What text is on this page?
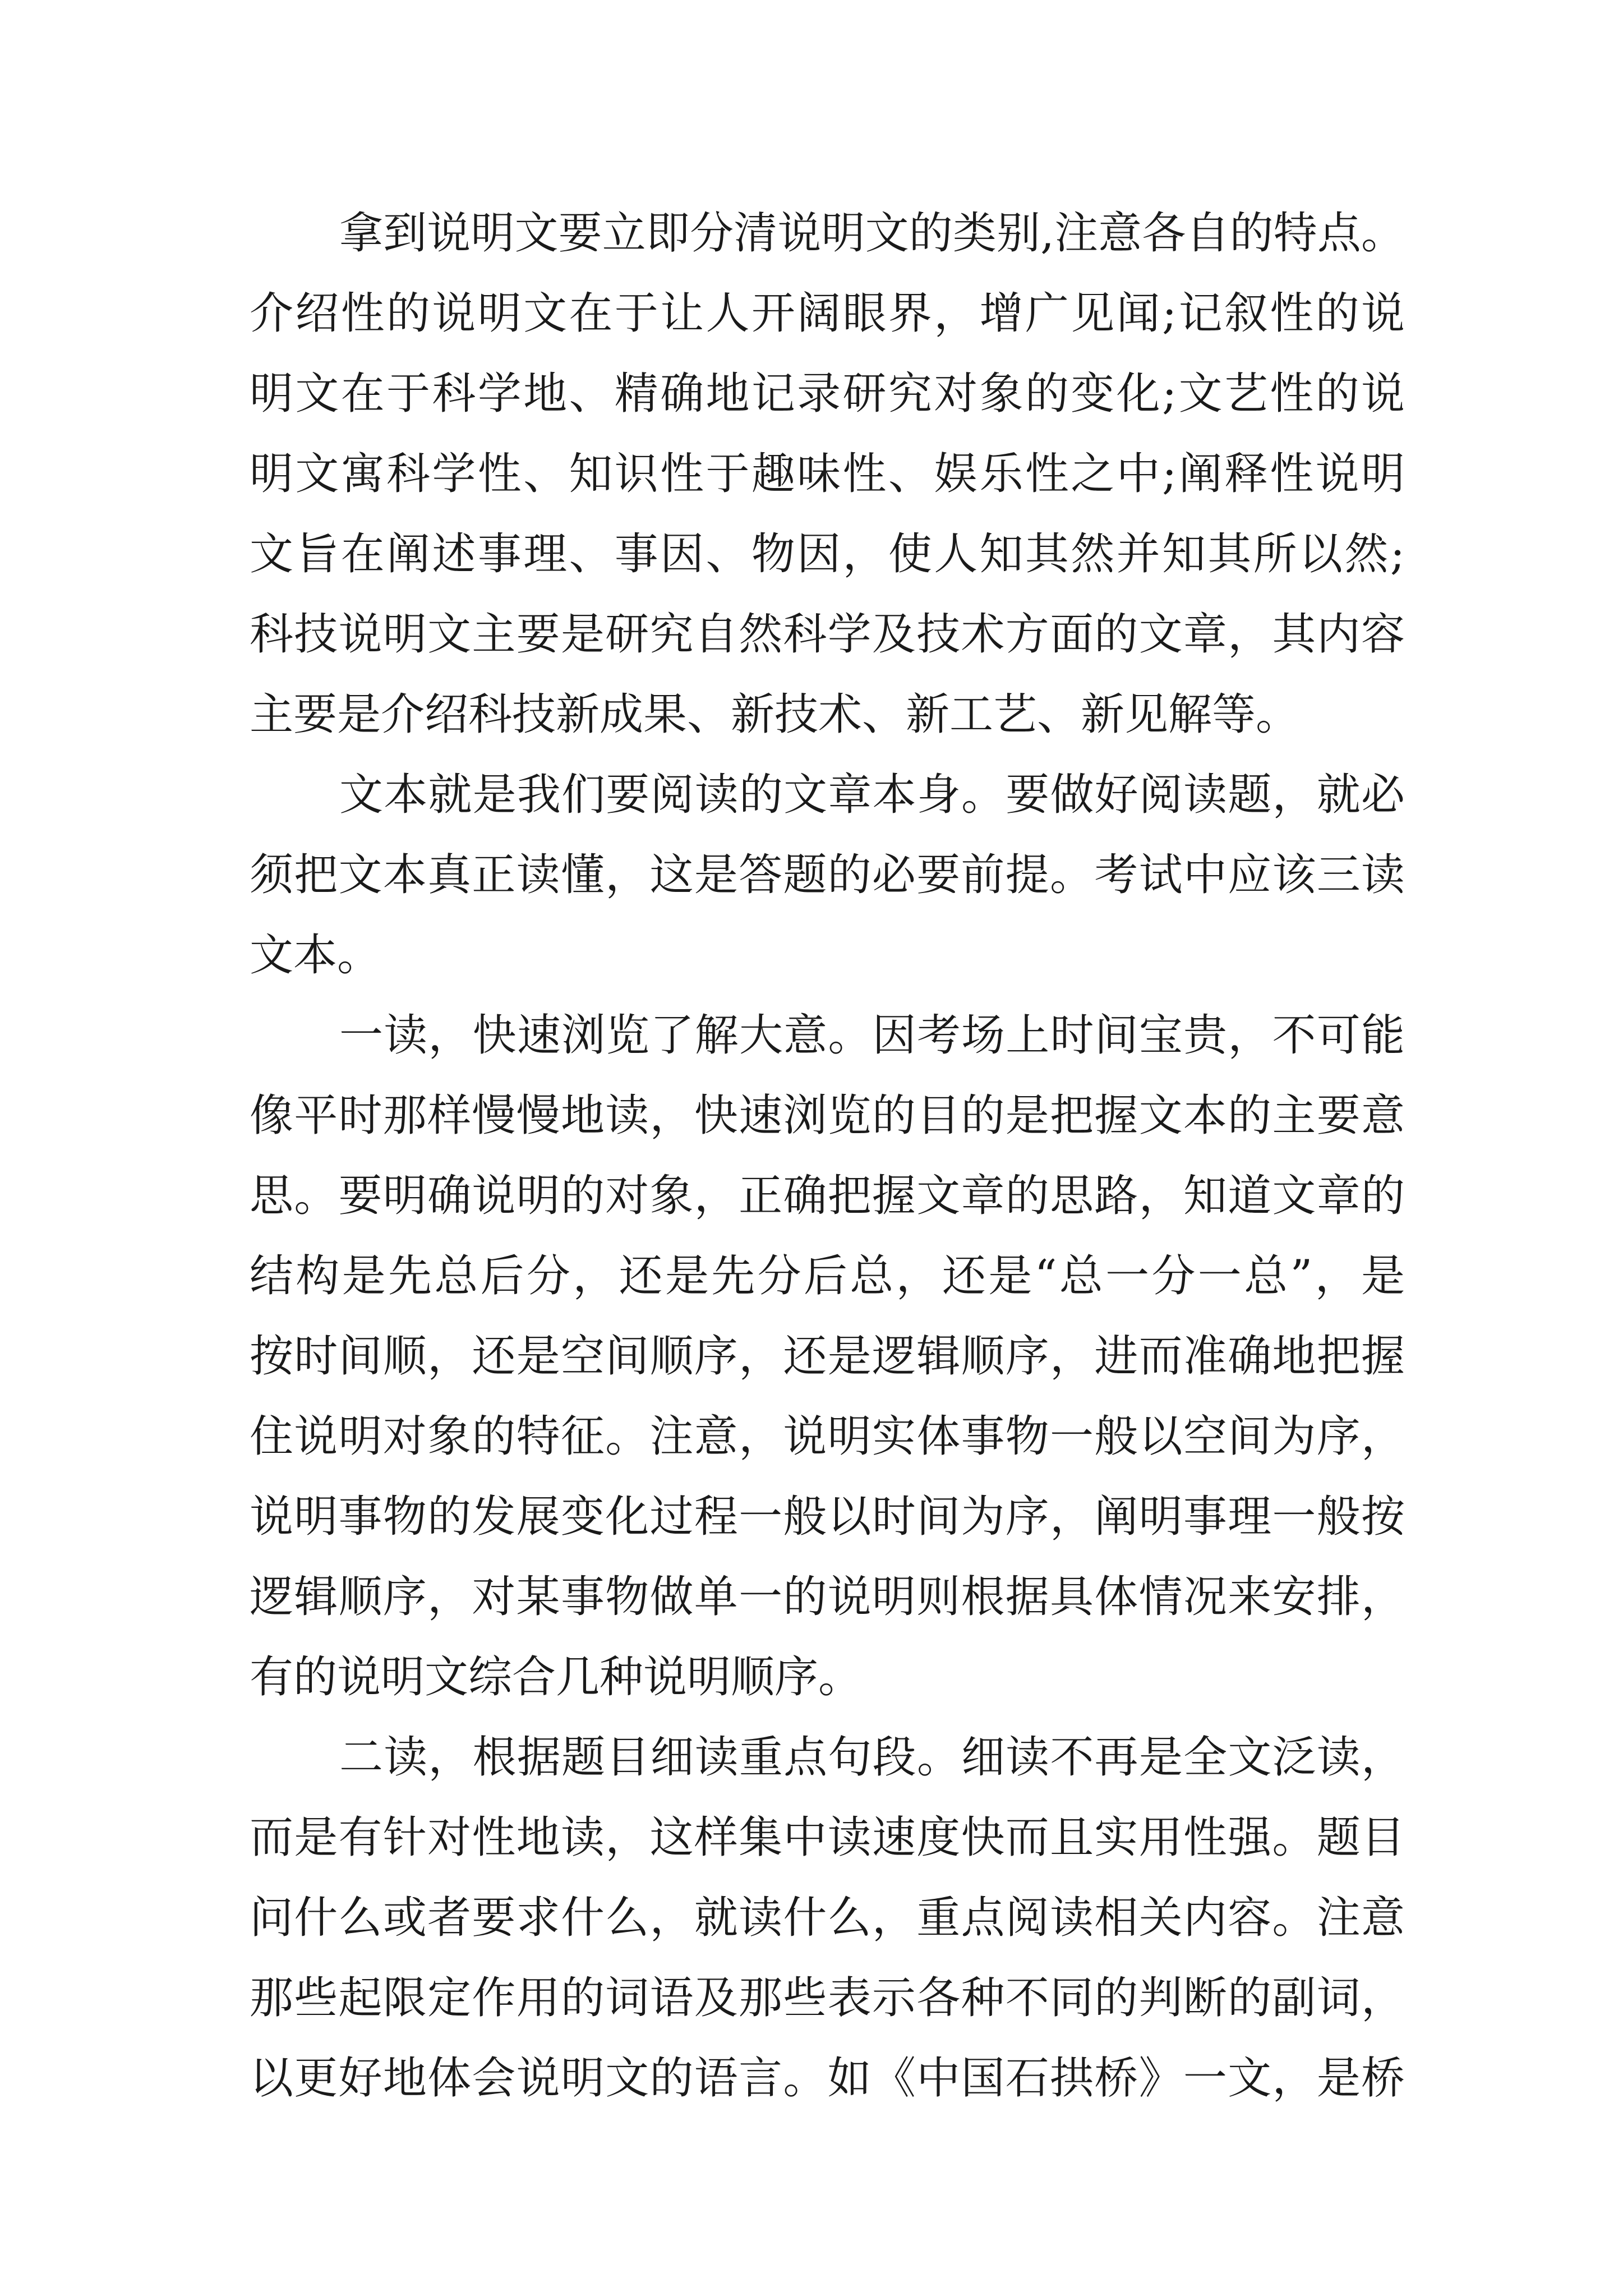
拿到说明文要立即分清说明文的类别,注意各自的特点。
介绍性的说明文在于让人开阔眼界，增广见闻;记叙性的说
明文在于科学地、精确地记录研究对象的变化;文艺性的说
明文寓科学性、知识性于趣味性、娱乐性之中;阐释性说明
文旨在阐述事理、事因、物因，使人知其然并知其所以然;
科技说明文主要是研究自然科学及技术方面的文章，其内容
主要是介绍科技新成果、新技术、新工艺、新见解等。
文本就是我们要阅读的文章本身。要做好阅读题，就必
须把文本真正读懂，这是答题的必要前提。考试中应该三读
文本。
一读，快速浏览了解大意。因考场上时间宝贵，不可能
像平时那样慢慢地读，快速浏览的目的是把握文本的主要意
思。要明确说明的对象，正确把握文章的思路，知道文章的
结构是先总后分，还是先分后总，还是“总一分一总”，是
按时间顺，还是空间顺序，还是逻辑顺序，进而准确地把握
住说明对象的特征。注意，说明实体事物一般以空间为序，
说明事物的发展变化过程一般以时间为序，阐明事理一般按
逻辑顺序，对某事物做单一的说明则根据具体情况来安排，
有的说明文综合几种说明顺序。
二读，根据题目细读重点句段。细读不再是全文泛读，
而是有针对性地读，这样集中读速度快而且实用性强。题目
问什么或者要求什么，就读什么，重点阅读相关内容。注意
那些起限定作用的词语及那些表示各种不同的判断的副词，
以更好地体会说明文的语言。如《中国石拱桥》一文，是桥
